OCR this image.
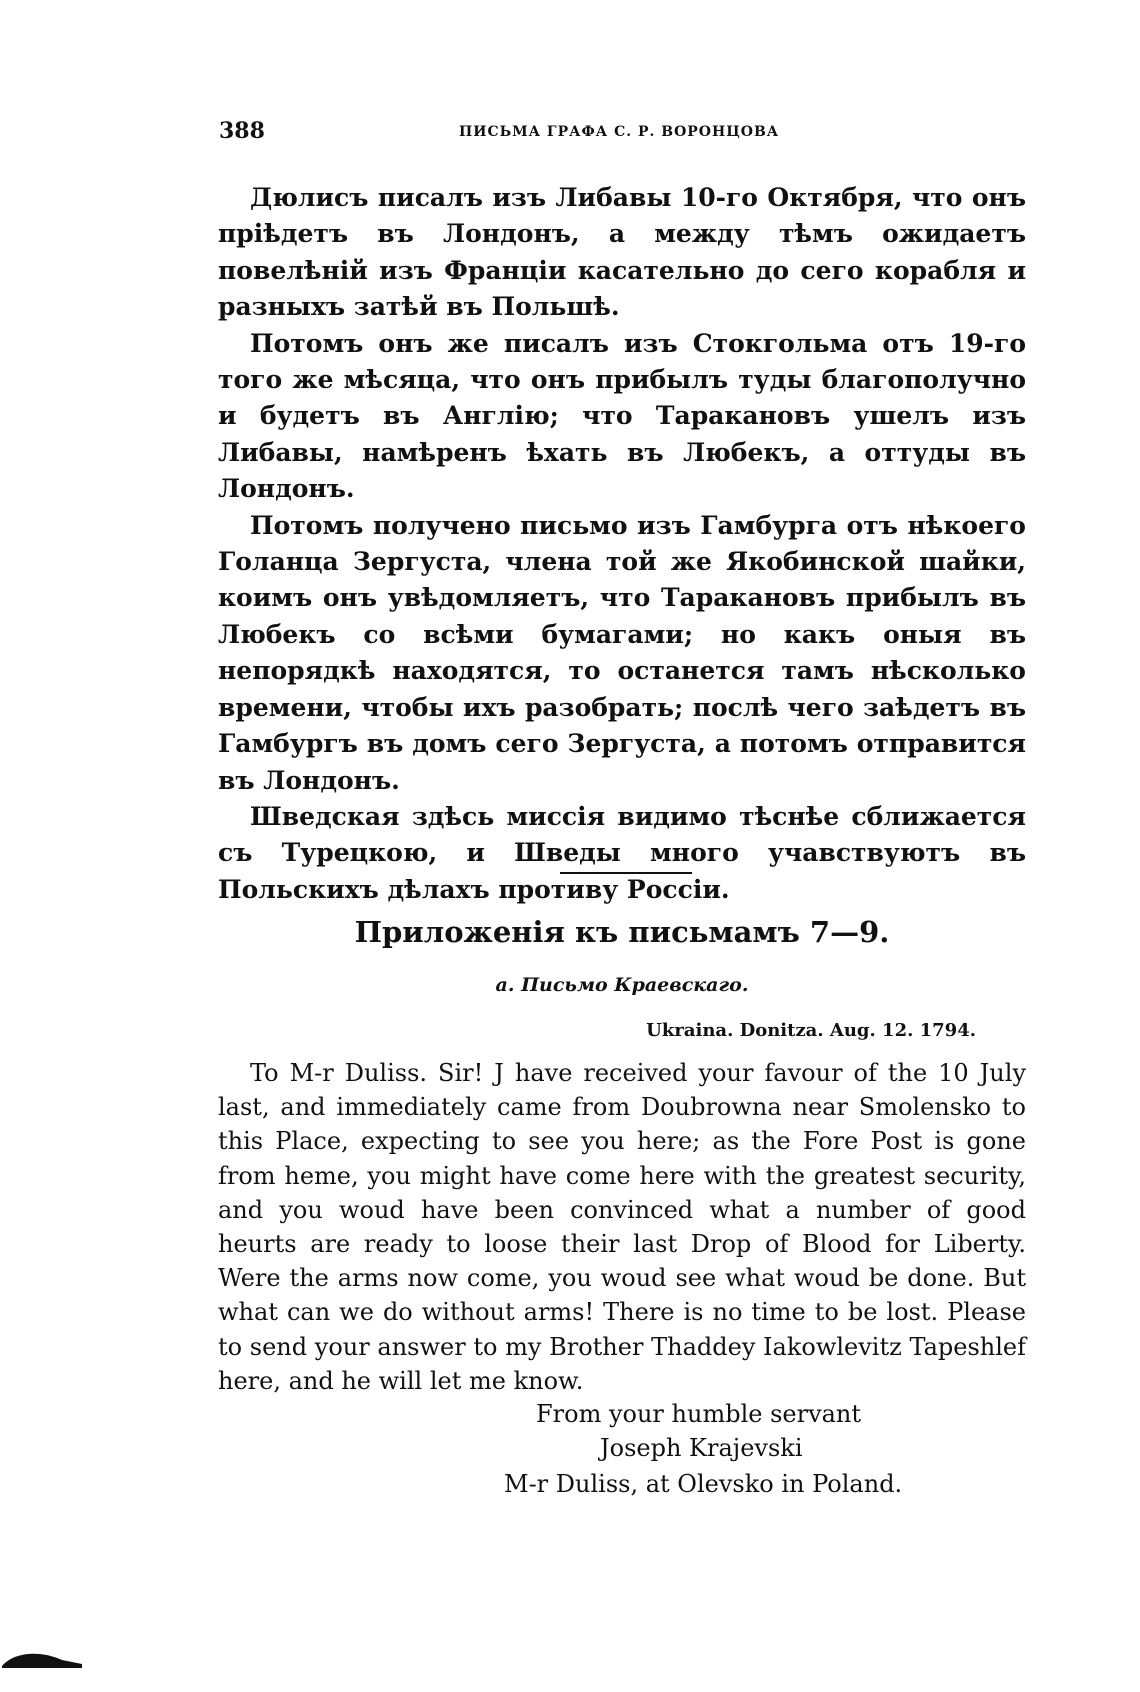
388	ПИСЬМА ГРАФА С. Р. ВОРОНЦОВА

Дюлисъ писалъ изъ Либавы 10-го Октября, что онъ пріѣдетъ въ Лондонъ, а между тѣмъ ожидаетъ повелѣній изъ Франціи касательно до сего корабля и разныхъ затѣй въ Польшѣ.

Потомъ онъ же писалъ изъ Стокгольма отъ 19-го того же мѣсяца, что онъ прибылъ туды благополучно и будетъ въ Англію; что Таракановъ ушелъ изъ Либавы, намѣренъ ѣхать въ Любекъ, а оттуды въ Лондонъ.

Потомъ получено письмо изъ Гамбурга отъ нѣкоего Голанца Зергуста, члена той же Якобинской шайки, коимъ онъ увѣдомляетъ, что Таракановъ прибылъ въ Любекъ со всѣми бумагами; но какъ оныя въ непорядкѣ находятся, то останется тамъ нѣсколько времени, чтобы ихъ разобрать; послѣ чего заѣдетъ въ Гамбургъ въ домъ сего Зергуста, а потомъ отправится въ Лондонъ.

Шведская здѣсь миссія видимо тѣснѣе сближается съ Турецкою, и Шведы много учавствуютъ въ Польскихъ дѣлахъ противу Россіи.

Приложенія къ письмамъ 7—9.
a. Письмо Краевскаго.
Ukraina. Donitza. Aug. 12. 1794.

To M-r Duliss. Sir! J have received your favour of the 10 July last, and immediately came from Doubrowna near Smolensko to this Place, expecting to see you here; as the Fore Post is gone from heme, you might have come here with the greatest security, and you woud have been convinced what a number of good heurts are ready to loose their last Drop of Blood for Liberty. Were the arms now come, you woud see what woud be done. But what can we do without arms! There is no time to be lost. Please to send your answer to my Brother Thaddey Iakowlevitz Tapeshlef here, and he will let me know.

From your humble servant
Joseph Krajevski
M-r Duliss, at Olevsko in Poland.
